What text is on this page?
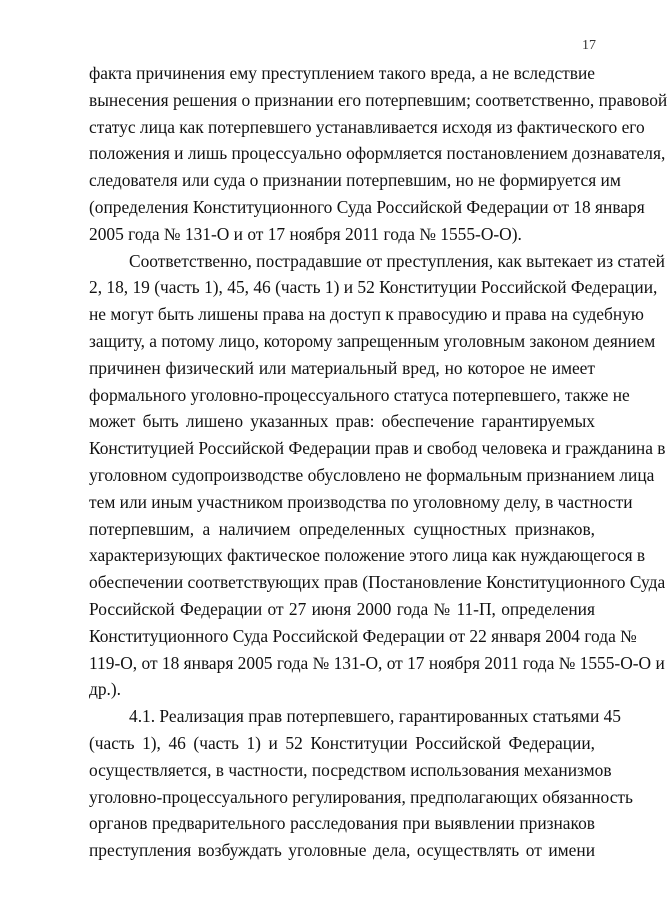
17
факта причинения ему преступлением такого вреда, а не вследствие
вынесения решения о признании его потерпевшим; соответственно, правовой
статус лица как потерпевшего устанавливается исходя из фактического его
положения и лишь процессуально оформляется постановлением дознавателя,
следователя или суда о признании потерпевшим, но не формируется им
(определения Конституционного Суда Российской Федерации от 18 января
2005 года № 131-О и от 17 ноября 2011 года № 1555-О-О).
Соответственно, пострадавшие от преступления, как вытекает из статей
2, 18, 19 (часть 1), 45, 46 (часть 1) и 52 Конституции Российской Федерации,
не могут быть лишены права на доступ к правосудию и права на судебную
защиту, а потому лицо, которому запрещенным уголовным законом деянием
причинен физический или материальный вред, но которое не имеет
формального уголовно-процессуального статуса потерпевшего, также не
может быть лишено указанных прав: обеспечение гарантируемых
Конституцией Российской Федерации прав и свобод человека и гражданина в
уголовном судопроизводстве обусловлено не формальным признанием лица
тем или иным участником производства по уголовному делу, в частности
потерпевшим, а наличием определенных сущностных признаков,
характеризующих фактическое положение этого лица как нуждающегося в
обеспечении соответствующих прав (Постановление Конституционного Суда
Российской Федерации от 27 июня 2000 года № 11-П, определения
Конституционного Суда Российской Федерации от 22 января 2004 года №
119-О, от 18 января 2005 года № 131-О, от 17 ноября 2011 года № 1555-О-О и
др.).
4.1. Реализация прав потерпевшего, гарантированных статьями 45
(часть 1), 46 (часть 1) и 52 Конституции Российской Федерации,
осуществляется, в частности, посредством использования механизмов
уголовно-процессуального регулирования, предполагающих обязанность
органов предварительного расследования при выявлении признаков
преступления возбуждать уголовные дела, осуществлять от имени
